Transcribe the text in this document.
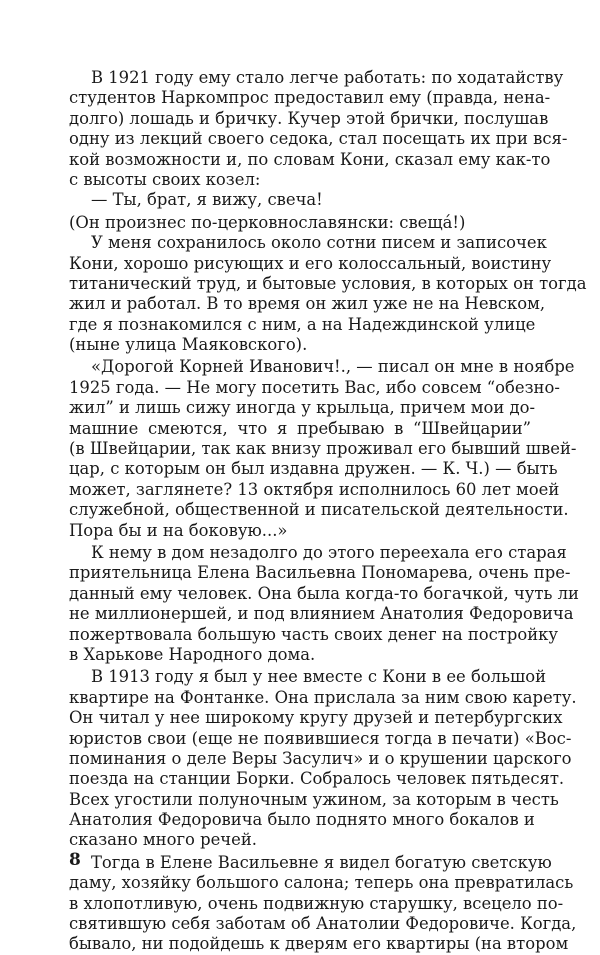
В 1921 году ему стало легче работать: по ходатайству
студентов Наркомпрос предоставил ему (правда, нена-
долго) лошадь и бричку. Кучер этой брички, послушав
одну из лекций своего седока, стал посещать их при вся-
кой возможности и, по словам Кони, сказал ему как-то
с высоты своих козел:
— Ты, брат, я вижу, свеча!
(Он произнес по-церковнославянски: свещá!)
У меня сохранилось около сотни писем и записочек
Кони, хорошо рисующих и его колоссальный, воистину
титанический труд, и бытовые условия, в которых он тогда
жил и работал. В то время он жил уже не на Невском,
где я познакомился с ним, а на Надеждинской улице
(ныне улица Маяковского).
«Дорогой Корней Иванович!., — писал он мне в ноябре
1925 года. — Не могу посетить Вас, ибо совсем “обезно-
жил” и лишь сижу иногда у крыльца, причем мои до-
машние смеются, что я пребываю в “Швейцарии”
(в Швейцарии, так как внизу проживал его бывший швей-
цар, с которым он был издавна дружен. — К. Ч.) — быть
может, заглянете? 13 октября исполнилось 60 лет моей
служебной, общественной и писательской деятельности.
Пора бы и на боковую...»
К нему в дом незадолго до этого переехала его старая
приятельница Елена Васильевна Пономарева, очень пре-
данный ему человек. Она была когда-то богачкой, чуть ли
не миллионершей, и под влиянием Анатолия Федоровича
пожертвовала большую часть своих денег на постройку
в Харькове Народного дома.
В 1913 году я был у нее вместе с Кони в ее большой
квартире на Фонтанке. Она прислала за ним свою карету.
Он читал у нее широкому кругу друзей и петербургских
юристов свои (еще не появившиеся тогда в печати) «Вос-
поминания о деле Веры Засулич» и о крушении царского
поезда на станции Борки. Собралось человек пятьдесят.
Всех угостили полуночным ужином, за которым в честь
Анатолия Федоровича было поднято много бокалов и
сказано много речей.
Тогда в Елене Васильевне я видел богатую светскую
даму, хозяйку большого салона; теперь она превратилась
в хлопотливую, очень подвижную старушку, всецело по-
святившую себя заботам об Анатолии Федоровиче. Когда,
бывало, ни подойдешь к дверям его квартиры (на втором
8
